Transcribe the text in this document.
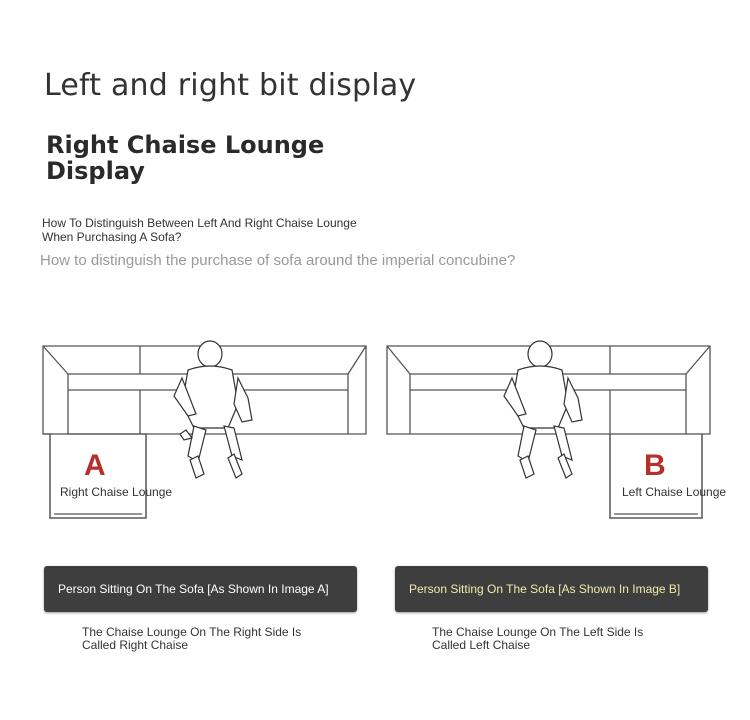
Left and right bit display
Right Chaise Lounge
Display
How To Distinguish Between Left And Right Chaise Lounge
When Purchasing A Sofa?
How to distinguish the purchase of sofa around the imperial concubine?
A
Right Chaise Lounge
B
Left Chaise Lounge
Person Sitting On The Sofa [As Shown In Image A]	Person Sitting On The Sofa [As Shown In Image B]
The Chaise Lounge On The Right Side Is
Called Right Chaise
The Chaise Lounge On The Left Side Is
Called Left Chaise
